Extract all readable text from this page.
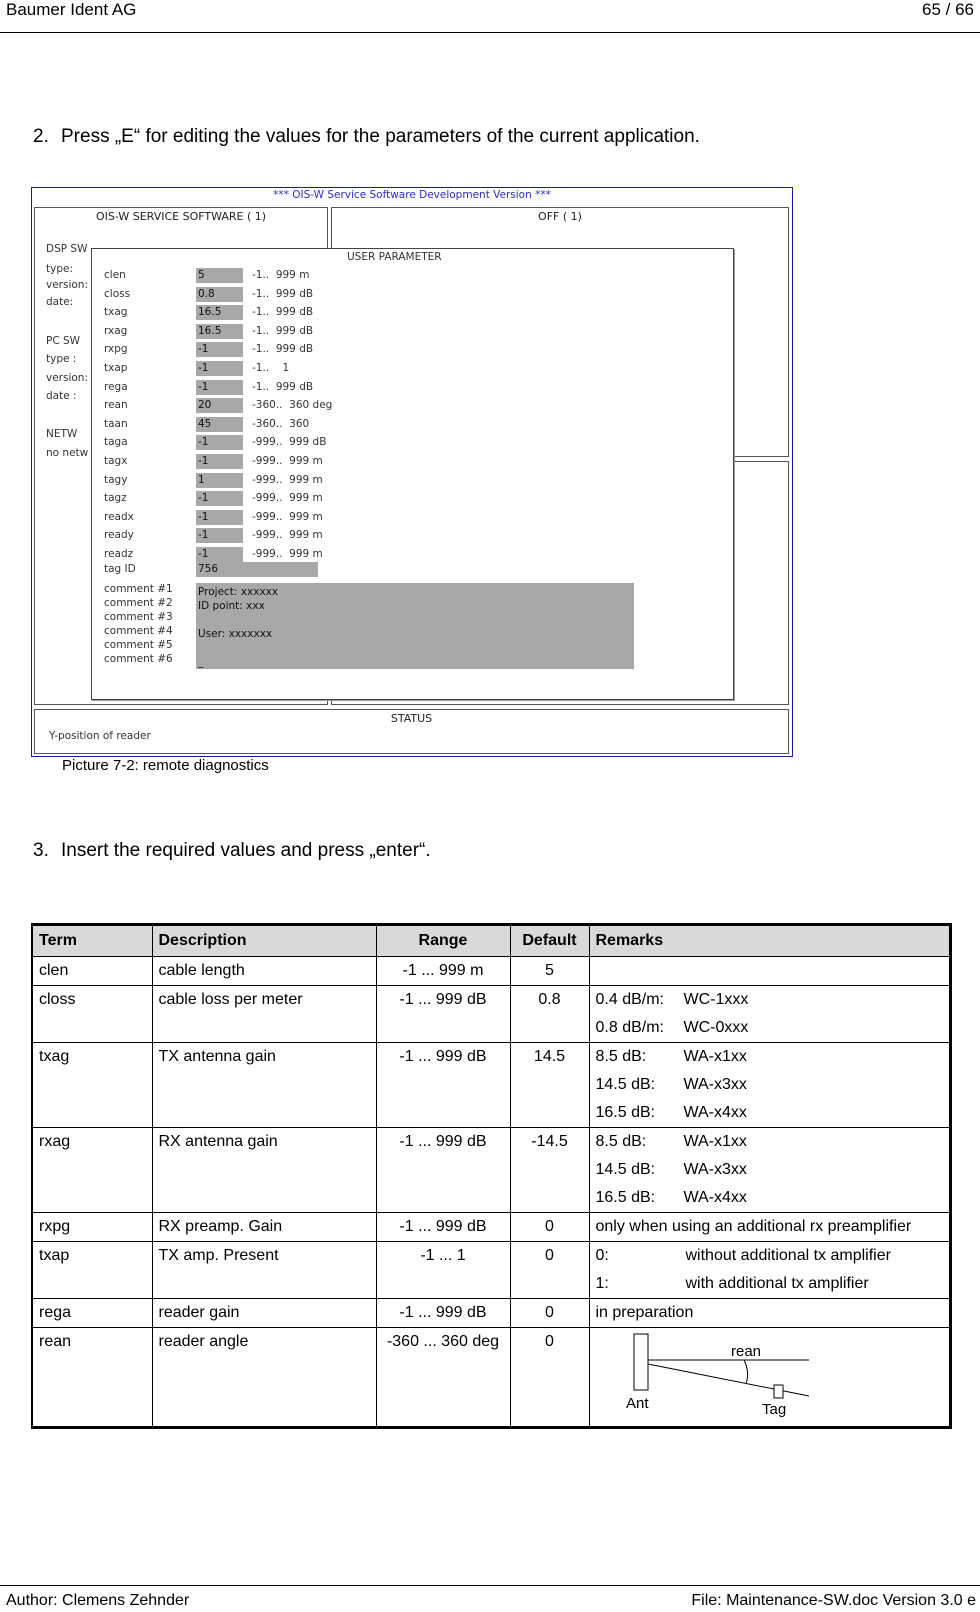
Baumer Ident AG	65 / 66
2. Press „E“ for editing the values for the parameters of the current application.
*** OIS-W Service Software Development Version ***
OIS-W SERVICE SOFTWARE ( 1)	OFF ( 1)
STATUS
Y-position of reader
DSP SW
type:
version:
date:
PC SW
type :
version:
date :
NETW
no netw
USER PARAMETER
clen	5	-1..  999 m
closs	0.8	-1..  999 dB
txag	16.5	-1..  999 dB
rxag	16.5	-1..  999 dB
rxpg	-1	-1..  999 dB
txap	-1	-1..    1
rega	-1	-1..  999 dB
rean	20	-360..  360 deg
taan	45	-360..  360
taga	-1	-999..  999 dB
tagx	-1	-999..  999 m
tagy	1	-999..  999 m
tagz	-1	-999..  999 m
readx	-1	-999..  999 m
ready	-1	-999..  999 m
readz	-1	-999..  999 m
tag ID	756
comment #1
comment #2
comment #3
comment #4
comment #5
comment #6
Project: xxxxxx
ID point: xxx
User: xxxxxxx
_
Picture 7-2: remote diagnostics
3. Insert the required values and press „enter“.
Term	Description	Range	Default	Remarks
clen	cable length	-1 ... 999 m	5	
closs	cable loss per meter	-1 ... 999 dB	0.8	0.4 dB/m: WC-1xxx
0.8 dB/m: WC-0xxx

txag	TX antenna gain	-1 ... 999 dB	14.5	8.5 dB: WA-x1xx
14.5 dB: WA-x3xx
16.5 dB: WA-x4xx

rxag	RX antenna gain	-1 ... 999 dB	-14.5	8.5 dB: WA-x1xx
14.5 dB: WA-x3xx
16.5 dB: WA-x4xx

rxpg	RX preamp. Gain	-1 ... 999 dB	0	only when using an additional rx preamplifier
txap	TX amp. Present	-1 ... 1	0	0: without additional tx amplifier
1: with additional tx amplifier

rega	reader gain	-1 ... 999 dB	0	in preparation
rean	reader angle	-360 ... 360 deg	0	rean
Ant Tag
Author: Clemens Zehnder	File: Maintenance-SW.doc Version 3.0 e
